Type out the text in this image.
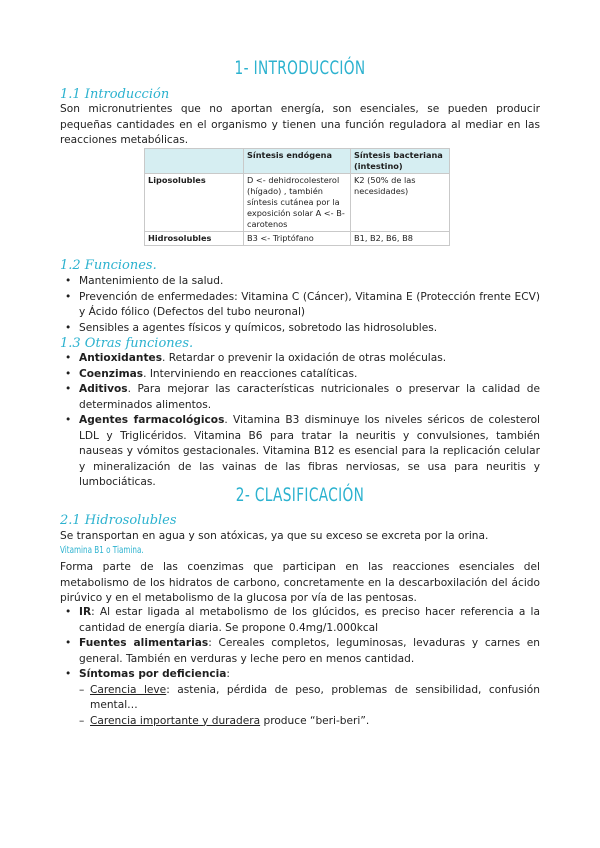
1- INTRODUCCIÓN
1.1 Introducción
Son micronutrientes que no aportan energía, son esenciales, se pueden producir pequeñas cantidades en el organismo y tienen una función reguladora al mediar en las reacciones metabólicas.
	Síntesis endógena	Síntesis bacteriana (intestino)
Liposolubles	D <- dehidrocolesterol (hígado) , también síntesis cutánea por la exposición solar A <- B-carotenos	K2 (50% de las necesidades)
Hidrosolubles	B3 <- Triptófano	B1, B2, B6, B8
1.2 Funciones.
• Mantenimiento de la salud.
• Prevención de enfermedades: Vitamina C (Cáncer), Vitamina E (Protección frente ECV) y Ácido fólico (Defectos del tubo neuronal)
• Sensibles a agentes físicos y químicos, sobretodo las hidrosolubles.
1.3 Otras funciones.
• Antioxidantes. Retardar o prevenir la oxidación de otras moléculas.
• Coenzimas. Interviniendo en reacciones catalíticas.
• Aditivos. Para mejorar las características nutricionales o preservar la calidad de determinados alimentos.
• Agentes farmacológicos. Vitamina B3 disminuye los niveles séricos de colesterol LDL y Triglicéridos. Vitamina B6 para tratar la neuritis y convulsiones, también nauseas y vómitos gestacionales. Vitamina B12 es esencial para la replicación celular y mineralización de las vainas de las fibras nerviosas, se usa para neuritis y lumbociáticas.
2- CLASIFICACIÓN
2.1 Hidrosolubles
Se transportan en agua y son atóxicas, ya que su exceso se excreta por la orina.
Vitamina B1 o Tiamina.
Forma parte de las coenzimas que participan en las reacciones esenciales del metabolismo de los hidratos de carbono, concretamente en la descarboxilación del ácido pirúvico y en el metabolismo de la glucosa por vía de las pentosas.
• IR: Al estar ligada al metabolismo de los glúcidos, es preciso hacer referencia a la cantidad de energía diaria. Se propone 0.4mg/1.000kcal
• Fuentes alimentarias: Cereales completos, leguminosas, levaduras y carnes en general. También en verduras y leche pero en menos cantidad.
• Síntomas por deficiencia:
– Carencia leve: astenia, pérdida de peso, problemas de sensibilidad, confusión mental…
– Carencia importante y duradera produce “beri-beri”.
